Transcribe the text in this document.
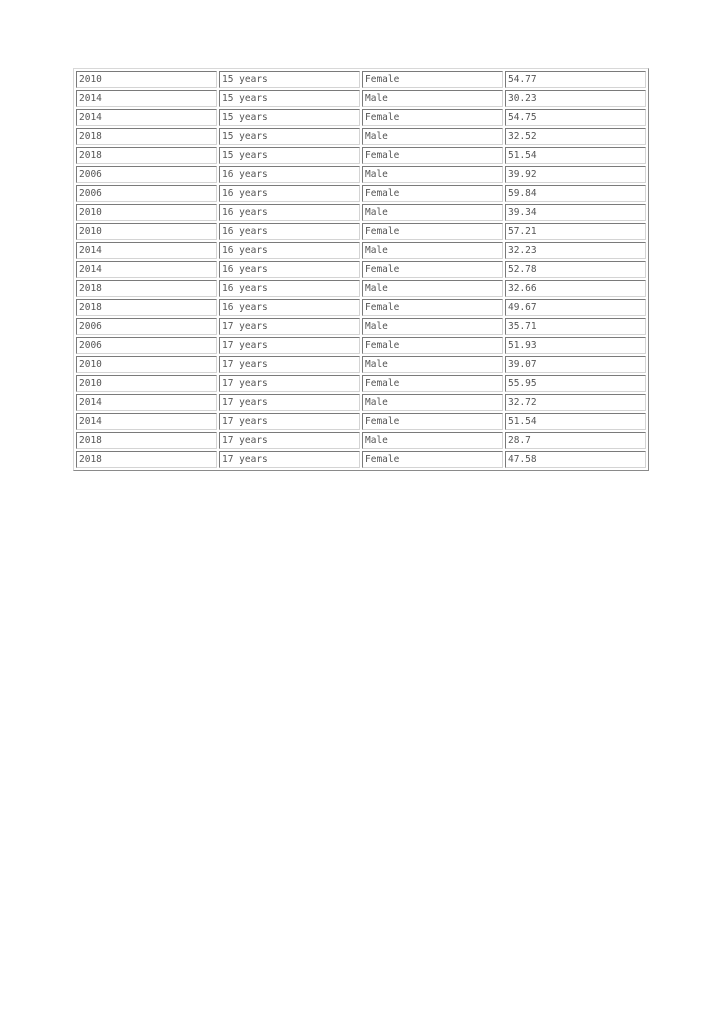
2010	15 years	Female	54.77
2014	15 years	Male	30.23
2014	15 years	Female	54.75
2018	15 years	Male	32.52
2018	15 years	Female	51.54
2006	16 years	Male	39.92
2006	16 years	Female	59.84
2010	16 years	Male	39.34
2010	16 years	Female	57.21
2014	16 years	Male	32.23
2014	16 years	Female	52.78
2018	16 years	Male	32.66
2018	16 years	Female	49.67
2006	17 years	Male	35.71
2006	17 years	Female	51.93
2010	17 years	Male	39.07
2010	17 years	Female	55.95
2014	17 years	Male	32.72
2014	17 years	Female	51.54
2018	17 years	Male	28.7
2018	17 years	Female	47.58
